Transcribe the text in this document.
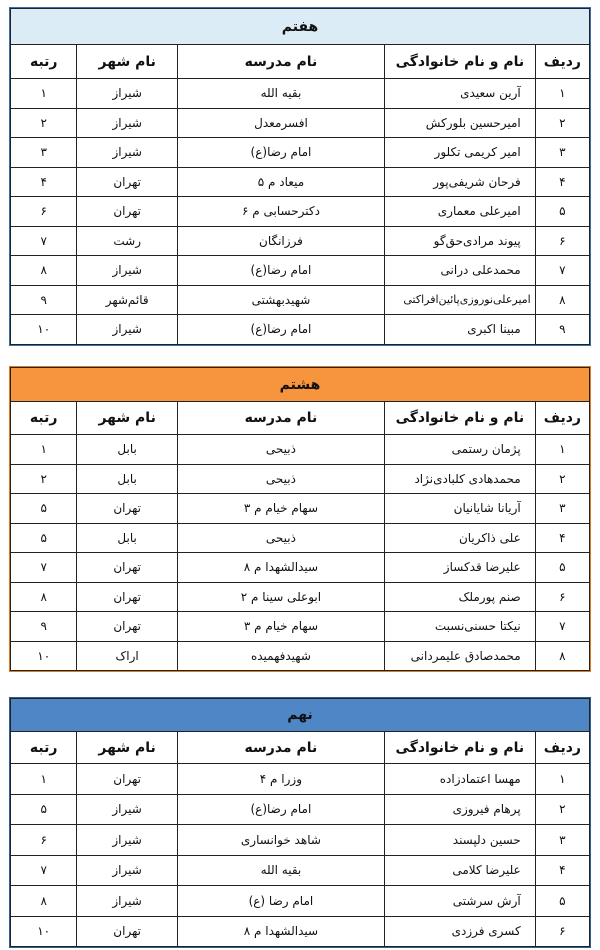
هفتم				
ردیف	نام و نام خانوادگی	نام مدرسه	نام شهر	رتبه
۱	آرین سعیدی	بقیه الله	شیراز	۱
۲	امیرحسین بلورکش	افسرمعدل	شیراز	۲
۳	امیر کریمی تکلور	امام رضا(ع)	شیراز	۳
۴	فرحان شریفی‌پور	میعاد م ۵	تهران	۴
۵	امیرعلی معماری	دکترحسابی م ۶	تهران	۶
۶	پیوند مرادی‌حق‌گو	فرزانگان	رشت	۷
۷	محمدعلی درانی	امام رضا(ع)	شیراز	۸
۸	امیرعلی‌نوروزی‌پائین‌افراکتی	شهیدبهشتی	قائم‌شهر	۹
۹	مبینا اکبری	امام رضا(ع)	شیراز	۱۰
هشتم				
ردیف	نام و نام خانوادگی	نام مدرسه	نام شهر	رتبه
۱	پژمان رستمی	ذبیحی	بابل	۱
۲	محمدهادی کلبادی‌نژاد	ذبیحی	بابل	۲
۳	آریانا شایانیان	سهام خیام م ۳	تهران	۵
۴	علی ذاکریان	ذبیحی	بابل	۵
۵	علیرضا قدکساز	سیدالشهدا م ۸	تهران	۷
۶	صنم پورملک	ابوعلی سینا م ۲	تهران	۸
۷	نیکتا حسنی‌نسبت	سهام خیام م ۳	تهران	۹
۸	محمدصادق علیمردانی	شهیدفهمیده	اراک	۱۰
نهم				
ردیف	نام و نام خانوادگی	نام مدرسه	نام شهر	رتبه
۱	مهسا اعتمادزاده	وزرا م ۴	تهران	۱
۲	پرهام فیروزی	امام رضا(ع)	شیراز	۵
۳	حسین دلپسند	شاهد خوانساری	شیراز	۶
۴	علیرضا کلامی	بقیه الله	شیراز	۷
۵	آرش سرشتی	امام رضا (ع)	شیراز	۸
۶	کسری فرزدی	سیدالشهدا م ۸	تهران	۱۰
